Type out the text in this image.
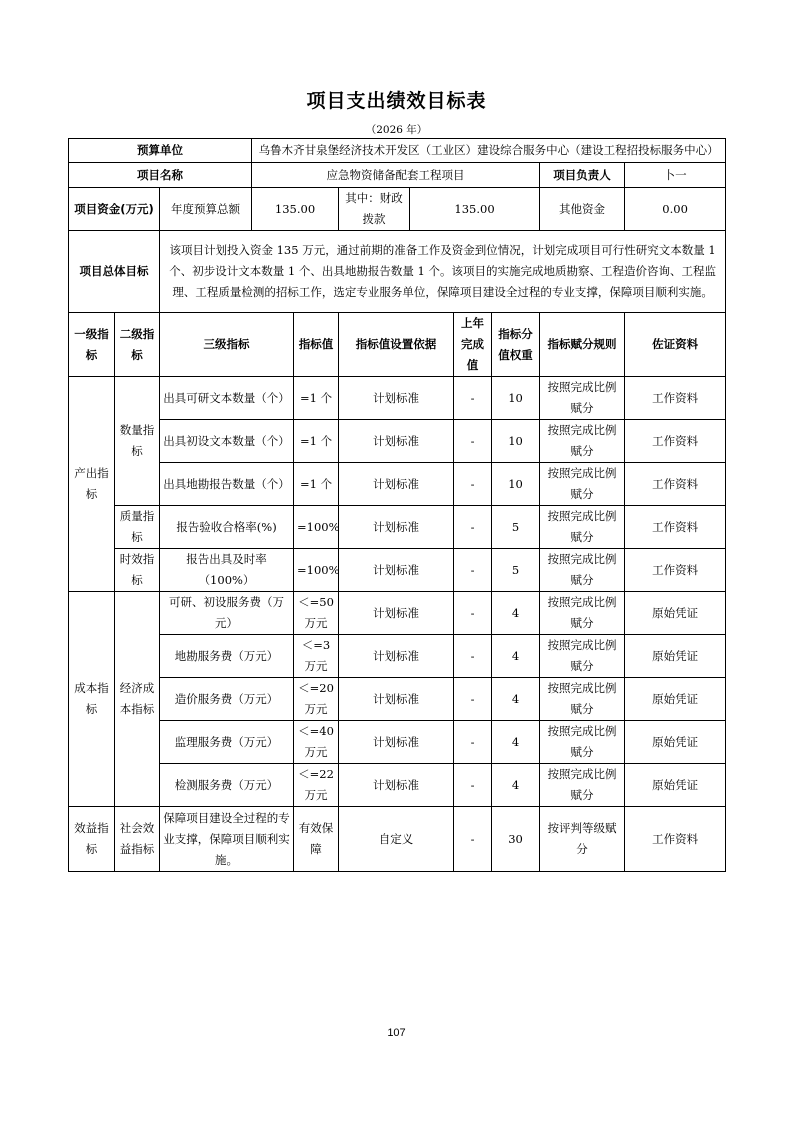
项目支出绩效目标表
（2026 年）
预算单位			乌鲁木齐甘泉堡经济技术开发区（工业区）建设综合服务中心（建设工程招投标服务中心）							
项目名称			应急物资储备配套工程项目						项目负责人	卜一
项目资金(万元)		年度预算总额	135.00		其中：财政拨款	135.00			其他资金	0.00
项目总体目标		该项目计划投入资金 135 万元，通过前期的准备工作及资金到位情况，计划完成项目可行性研究文本数量 1 个、初步设计文本数量 1 个、出具地勘报告数量 1 个。该项目的实施完成地质勘察、工程造价咨询、工程监理、工程质量检测的招标工作，选定专业服务单位，保障项目建设全过程的专业支撑，保障项目顺利实施。								
一级指标	二级指标	三级指标		指标值	指标值设置依据		上年完成值	指标分值权重	指标赋分规则	佐证资料
产出指标	数量指标	出具可研文本数量（个）		=1 个	计划标准		-	10	按照完成比例赋分	工作资料
		出具初设文本数量（个）		=1 个	计划标准		-	10	按照完成比例赋分	工作资料
		出具地勘报告数量（个）		=1 个	计划标准		-	10	按照完成比例赋分	工作资料
	质量指标	报告验收合格率(%)		=100%	计划标准		-	5	按照完成比例赋分	工作资料
	时效指标	报告出具及时率（100%）		=100%	计划标准		-	5	按照完成比例赋分	工作资料
成本指标	经济成本指标	可研、初设服务费（万元）		＜=50 万元	计划标准		-	4	按照完成比例赋分	原始凭证
		地勘服务费（万元）		＜=3 万元	计划标准		-	4	按照完成比例赋分	原始凭证
		造价服务费（万元）		＜=20 万元	计划标准		-	4	按照完成比例赋分	原始凭证
		监理服务费（万元）		＜=40 万元	计划标准		-	4	按照完成比例赋分	原始凭证
		检测服务费（万元）		＜=22 万元	计划标准		-	4	按照完成比例赋分	原始凭证
效益指标	社会效益指标	保障项目建设全过程的专业支撑，保障项目顺利实施。		有效保障	自定义		-	30	按评判等级赋分	工作资料
107
